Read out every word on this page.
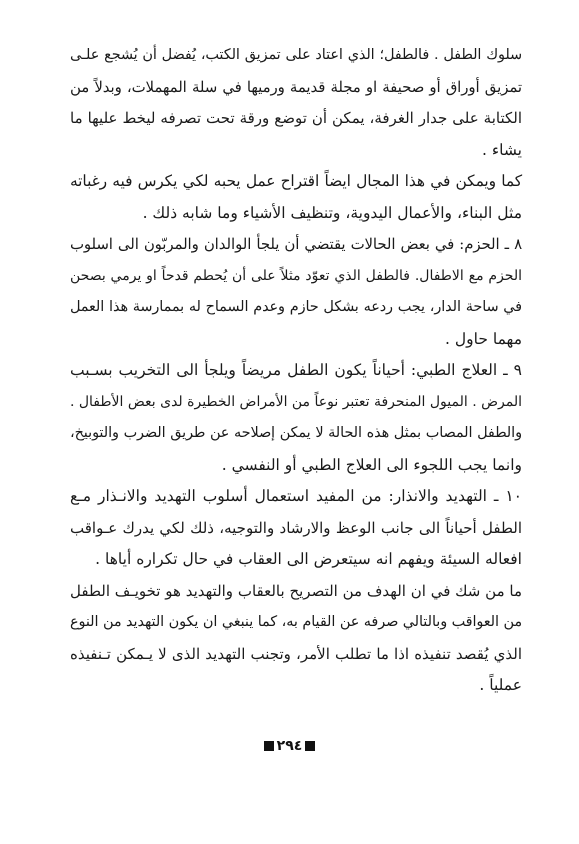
سلوك الطفل . فالطفل؛ الذي اعتاد على تمزيق الكتب، يُفضل أن يُشجع علـى
تمزيق أوراق أو صحيفة او مجلة قديمة ورميها في سلة المهملات، وبدلاً من
الكتابة على جدار الغرفة، يمكن أن توضع ورقة تحت تصرفه ليخط عليها ما
يشاء .
كما ويمكن في هذا المجال ايضاً اقتراح عمل يحبه لكي يكرس فيه رغباته
مثل البناء، والأعمال اليدوية، وتنظيف الأشياء وما شابه ذلك .
٨ ـ الحزم: في بعض الحالات يقتضي أن يلجأ الوالدان والمربّون الى اسلوب
الحزم مع الاطفال. فالطفل الذي تعوّد مثلاً على أن يُحطم قدحاً او يرمي بصحن
في ساحة الدار، يجب ردعه بشكل حازم وعدم السماح له بممارسة هذا العمل
مهما حاول .
٩ ـ العلاج الطبي: أحياناً يكون الطفل مريضاً ويلجأ الى التخريب بسـبب
المرض . الميول المنحرفة تعتبر نوعاً من الأمراض الخطيرة لدى بعض الأطفال .
والطفل المصاب بمثل هذه الحالة لا يمكن إصلاحه عن طريق الضرب والتوبيخ،
وانما يجب اللجوء الى العلاج الطبي أو النفسي .
١٠ ـ التهديد والانذار: من المفيد استعمال أسلوب التهديد والانـذار مـع
الطفل أحياناً الى جانب الوعظ والارشاد والتوجيه، ذلك لكي يدرك عـواقب
افعاله السيئة ويفهم انه سيتعرض الى العقاب في حال تكراره أياها .
ما من شك في ان الهدف من التصريح بالعقاب والتهديد هو تخويـف الطفل
من العواقب وبالتالي صرفه عن القيام به، كما ينبغي ان يكون التهديد من النوع
الذي يُقصد تنفيذه اذا ما تطلب الأمر، وتجنب التهديد الذى لا يـمكن تـنفيذه
عملياً .
٢٩٤
